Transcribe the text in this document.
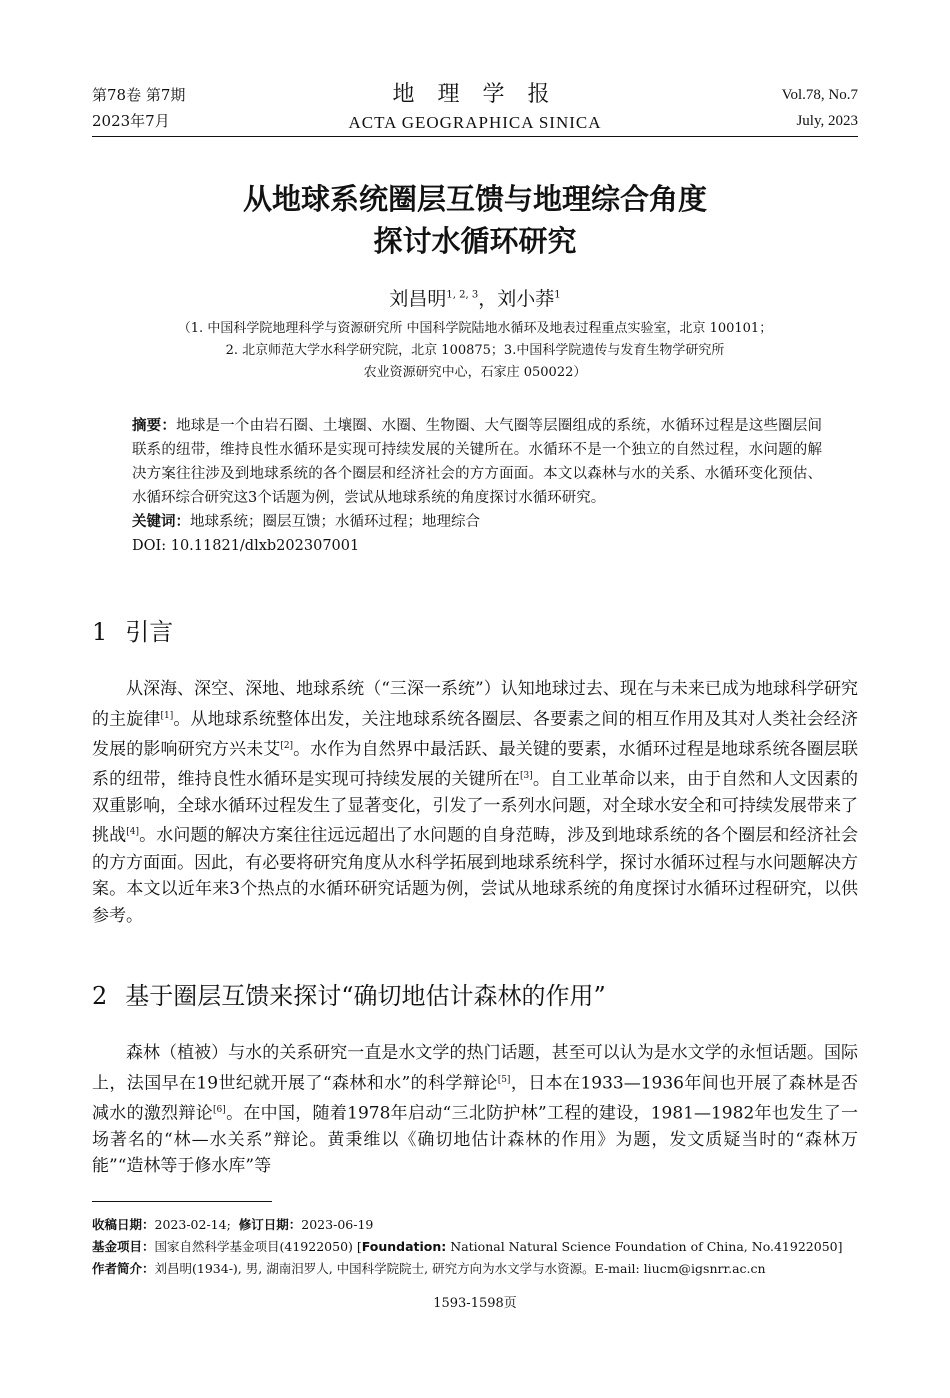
第78卷 第7期
2023年7月
地 理 学 报
ACTA GEOGRAPHICA SINICA
Vol.78, No.7
July, 2023
从地球系统圈层互馈与地理综合角度
探讨水循环研究
刘昌明$^{1, 2, 3}$，刘小莽$^1$
（1. 中国科学院地理科学与资源研究所 中国科学院陆地水循环及地表过程重点实验室，北京 100101；
2. 北京师范大学水科学研究院，北京 100875；3.中国科学院遗传与发育生物学研究所
农业资源研究中心，石家庄 050022）
摘要：地球是一个由岩石圈、土壤圈、水圈、生物圈、大气圈等层圈组成的系统，水循环过程是这些圈层间联系的纽带，维持良性水循环是实现可持续发展的关键所在。水循环不是一个独立的自然过程，水问题的解决方案往往涉及到地球系统的各个圈层和经济社会的方方面面。本文以森林与水的关系、水循环变化预估、水循环综合研究这3个话题为例，尝试从地球系统的角度探讨水循环研究。
关键词：地球系统；圈层互馈；水循环过程；地理综合
DOI: 10.11821/dlxb202307001
1 引言

从深海、深空、深地、地球系统（“三深一系统”）认知地球过去、现在与未来已成为地球科学研究的主旋律[1]。从地球系统整体出发，关注地球系统各圈层、各要素之间的相互作用及其对人类社会经济发展的影响研究方兴未艾[2]。水作为自然界中最活跃、最关键的要素，水循环过程是地球系统各圈层联系的纽带，维持良性水循环是实现可持续发展的关键所在[3]。自工业革命以来，由于自然和人文因素的双重影响，全球水循环过程发生了显著变化，引发了一系列水问题，对全球水安全和可持续发展带来了挑战[4]。水问题的解决方案往往远远超出了水问题的自身范畴，涉及到地球系统的各个圈层和经济社会的方方面面。因此，有必要将研究角度从水科学拓展到地球系统科学，探讨水循环过程与水问题解决方案。本文以近年来3个热点的水循环研究话题为例，尝试从地球系统的角度探讨水循环过程研究，以供参考。

2 基于圈层互馈来探讨“确切地估计森林的作用”

森林（植被）与水的关系研究一直是水文学的热门话题，甚至可以认为是水文学的永恒话题。国际上，法国早在19世纪就开展了“森林和水”的科学辩论[5]，日本在1933—1936年间也开展了森林是否减水的激烈辩论[6]。在中国，随着1978年启动“三北防护林”工程的建设，1981—1982年也发生了一场著名的“林—水关系”辩论。黄秉维以《确切地估计森林的作用》为题，发文质疑当时的“森林万能”“造林等于修水库”等

收稿日期：2023-02-14; 修订日期：2023-06-19
基金项目：国家自然科学基金项目(41922050) [Foundation: National Natural Science Foundation of China, No.41922050]
作者简介：刘昌明(1934-), 男, 湖南汨罗人, 中国科学院院士, 研究方向为水文学与水资源。E-mail: liucm@igsnrr.ac.cn
1593-1598页
